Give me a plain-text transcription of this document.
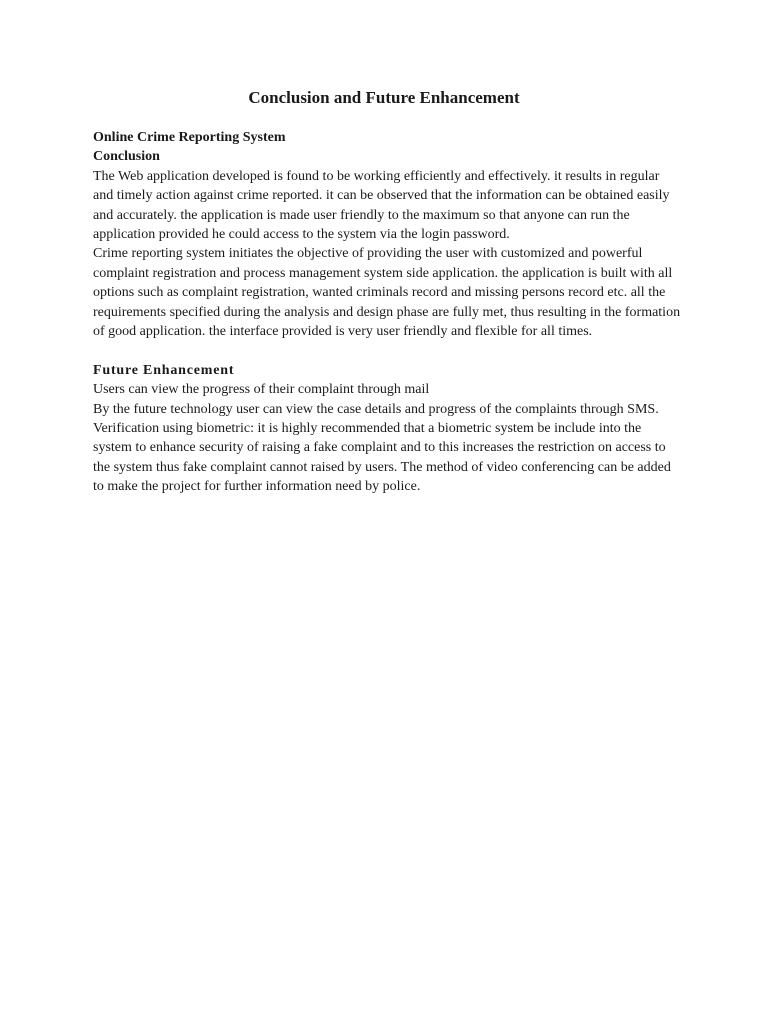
Conclusion and Future Enhancement

Online Crime Reporting System

Conclusion

The Web application developed is found to be working efficiently and effectively. it results in regular and timely action against crime reported. it can be observed that the information can be obtained easily and accurately. the application is made user friendly to the maximum so that anyone can run the application provided he could access to the system via the login password.

Crime reporting system initiates the objective of providing the user with customized and powerful complaint registration and process management system side application. the application is built with all options such as complaint registration, wanted criminals record and missing persons record etc. all the requirements specified during the analysis and design phase are fully met, thus resulting in the formation of good application. the interface provided is very user friendly and flexible for all times.

Future Enhancement

Users can view the progress of their complaint through mail

By the future technology user can view the case details and progress of the complaints through SMS. Verification using biometric: it is highly recommended that a biometric system be include into the system to enhance security of raising a fake complaint and to this increases the restriction on access to the system thus fake complaint cannot raised by users. The method of video conferencing can be added to make the project for further information need by police.
